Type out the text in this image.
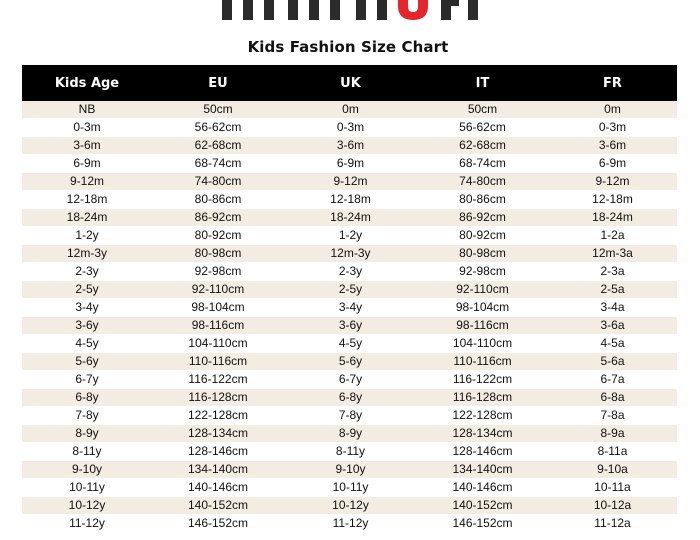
Kids Fashion Size Chart
Kids Age	EU	UK	IT	FR
NB	50cm	0m	50cm	0m
0-3m	56-62cm	0-3m	56-62cm	0-3m
3-6m	62-68cm	3-6m	62-68cm	3-6m
6-9m	68-74cm	6-9m	68-74cm	6-9m
9-12m	74-80cm	9-12m	74-80cm	9-12m
12-18m	80-86cm	12-18m	80-86cm	12-18m
18-24m	86-92cm	18-24m	86-92cm	18-24m
1-2y	80-92cm	1-2y	80-92cm	1-2a
12m-3y	80-98cm	12m-3y	80-98cm	12m-3a
2-3y	92-98cm	2-3y	92-98cm	2-3a
2-5y	92-110cm	2-5y	92-110cm	2-5a
3-4y	98-104cm	3-4y	98-104cm	3-4a
3-6y	98-116cm	3-6y	98-116cm	3-6a
4-5y	104-110cm	4-5y	104-110cm	4-5a
5-6y	110-116cm	5-6y	110-116cm	5-6a
6-7y	116-122cm	6-7y	116-122cm	6-7a
6-8y	116-128cm	6-8y	116-128cm	6-8a
7-8y	122-128cm	7-8y	122-128cm	7-8a
8-9y	128-134cm	8-9y	128-134cm	8-9a
8-11y	128-146cm	8-11y	128-146cm	8-11a
9-10y	134-140cm	9-10y	134-140cm	9-10a
10-11y	140-146cm	10-11y	140-146cm	10-11a
10-12y	140-152cm	10-12y	140-152cm	10-12a
11-12y	146-152cm	11-12y	146-152cm	11-12a
